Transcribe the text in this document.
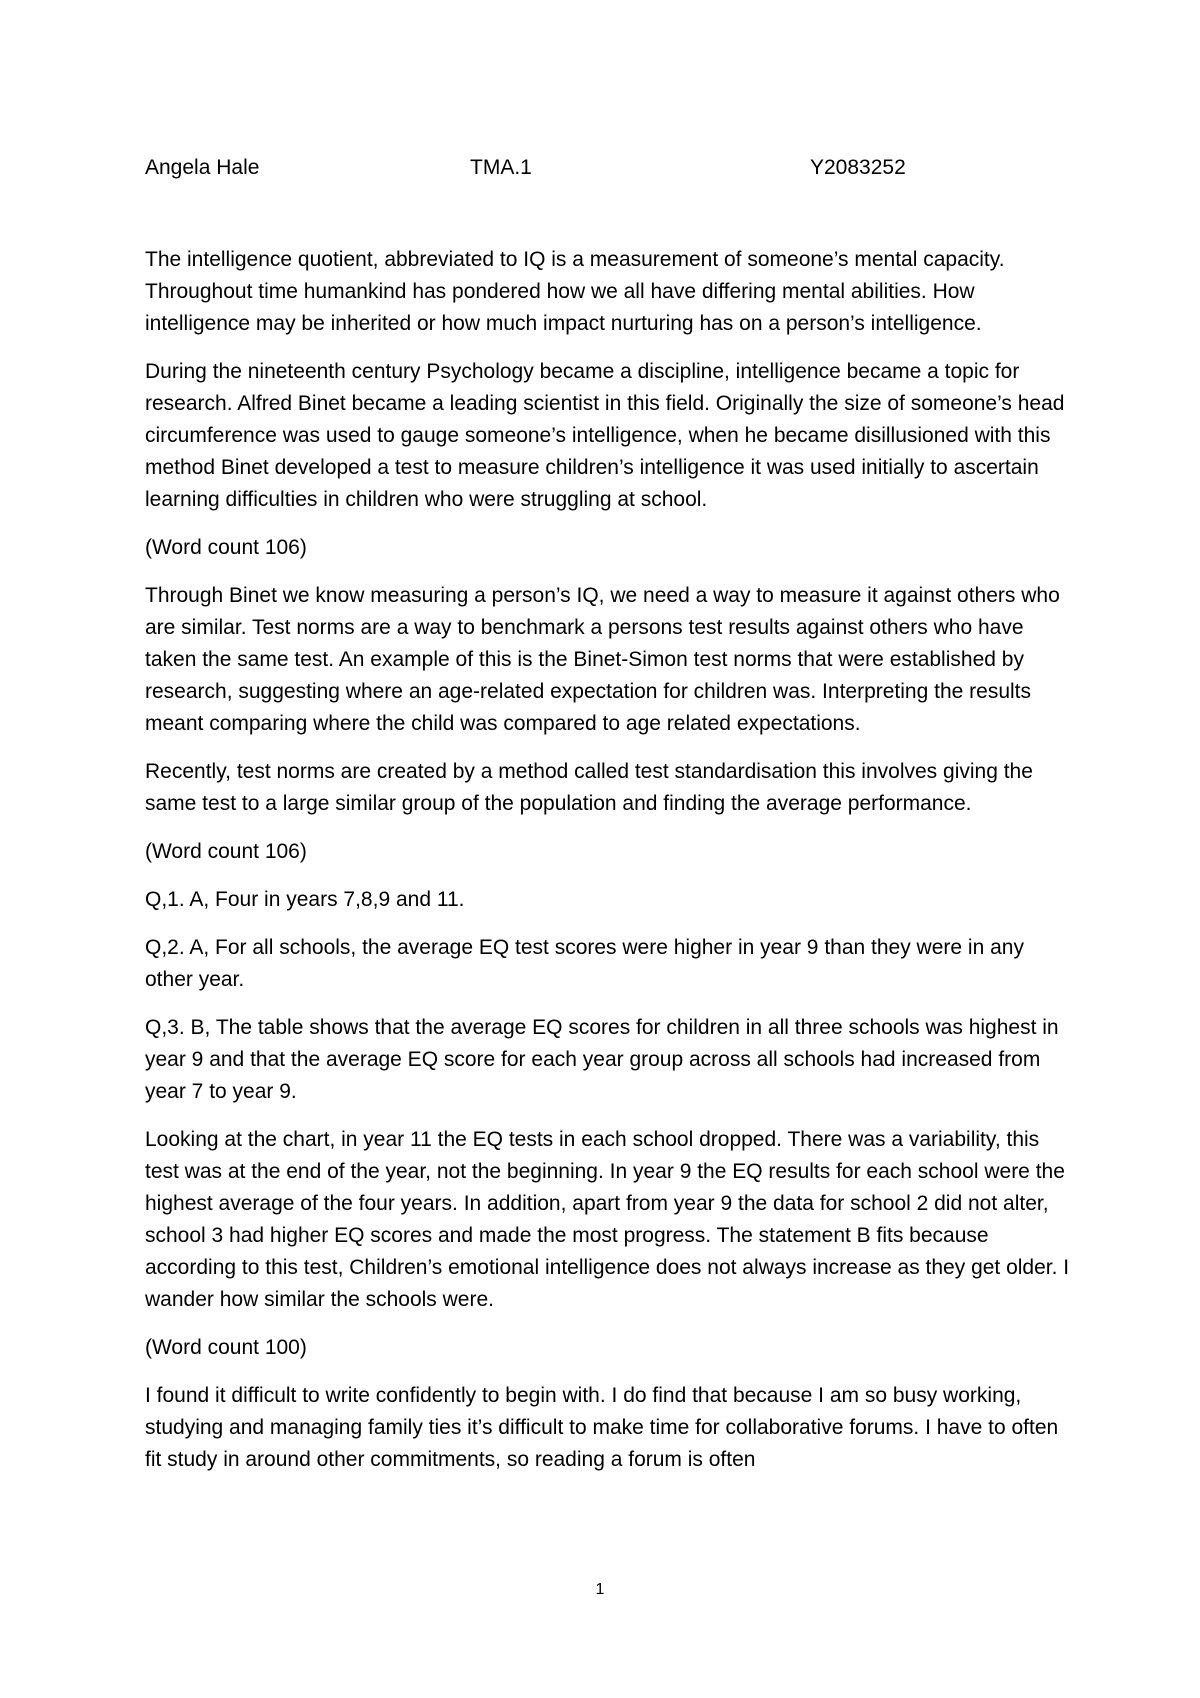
Angela Hale	TMA.1	Y2083252

The intelligence quotient, abbreviated to IQ is a measurement of someone’s mental capacity. Throughout time humankind has pondered how we all have differing mental abilities. How intelligence may be inherited or how much impact nurturing has on a person’s intelligence.

During the nineteenth century Psychology became a discipline, intelligence became a topic for research. Alfred Binet became a leading scientist in this field. Originally the size of someone’s head circumference was used to gauge someone’s intelligence, when he became disillusioned with this method Binet developed a test to measure children’s intelligence it was used initially to ascertain learning difficulties in children who were struggling at school.

(Word count 106)

Through Binet we know measuring a person’s IQ, we need a way to measure it against others who are similar. Test norms are a way to benchmark a persons test results against others who have taken the same test. An example of this is the Binet-Simon test norms that were established by research, suggesting where an age-related expectation for children was. Interpreting the results meant comparing where the child was compared to age related expectations.

Recently, test norms are created by a method called test standardisation this involves giving the same test to a large similar group of the population and finding the average performance.

(Word count 106)

Q,1. A, Four in years 7,8,9 and 11.

Q,2. A, For all schools, the average EQ test scores were higher in year 9 than they were in any other year.

Q,3. B, The table shows that the average EQ scores for children in all three schools was highest in year 9 and that the average EQ score for each year group across all schools had increased from year 7 to year 9.

Looking at the chart, in year 11 the EQ tests in each school dropped. There was a variability, this test was at the end of the year, not the beginning. In year 9 the EQ results for each school were the highest average of the four years. In addition, apart from year 9 the data for school 2 did not alter, school 3 had higher EQ scores and made the most progress. The statement B fits because according to this test, Children’s emotional intelligence does not always increase as they get older. I wander how similar the schools were.

(Word count 100)

I found it difficult to write confidently to begin with. I do find that because I am so busy working, studying and managing family ties it’s difficult to make time for collaborative forums. I have to often fit study in around other commitments, so reading a forum is often

1
